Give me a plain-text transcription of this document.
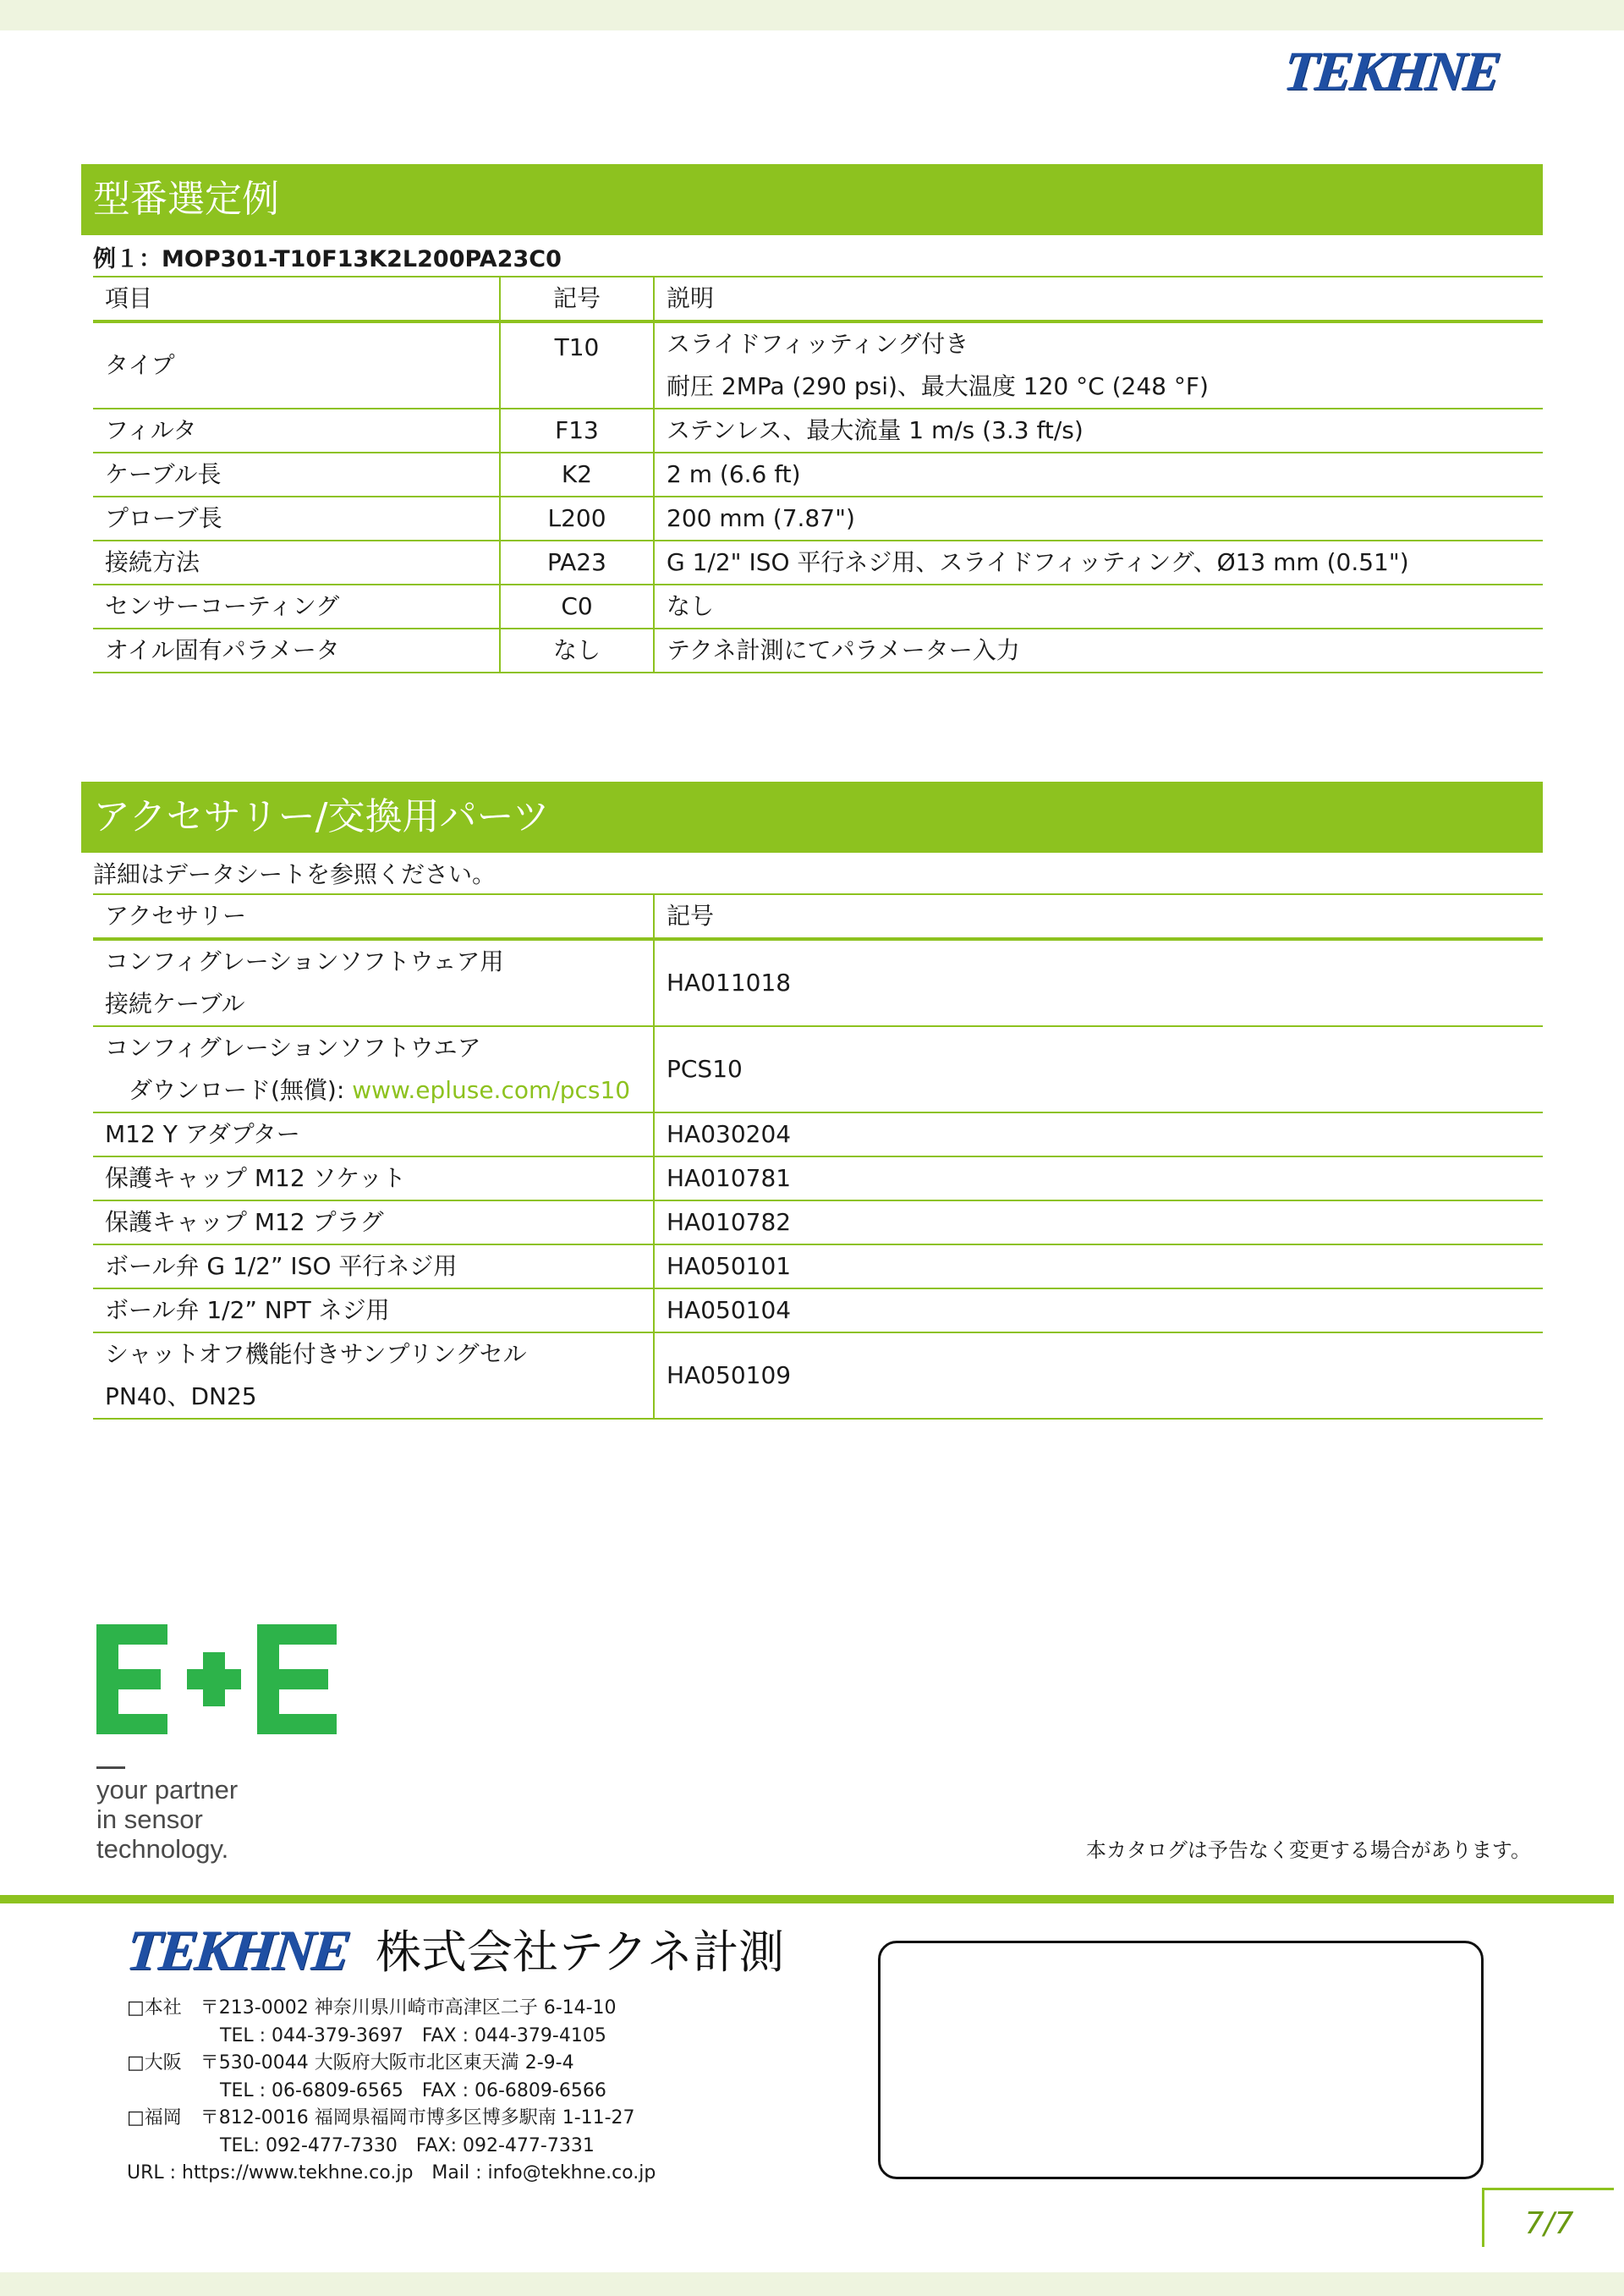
TEKHNE
型番選定例
例１：MOP301-T10F13K2L200PA23C0
項目	記号	説明
タイプ	T10	スライドフィッティング付き
耐圧 2MPa (290 psi)、最大温度 120 °C (248 °F)

フィルタ	F13	ステンレス、最大流量 1 m/s (3.3 ft/s)
ケーブル長	K2	2 m (6.6 ft)
プローブ長	L200	200 mm (7.87")
接続方法	PA23	G 1/2" ISO 平行ネジ用、スライドフィッティング、Ø13 mm (0.51")
センサーコーティング	C0	なし
オイル固有パラメータ	なし	テクネ計測にてパラメーター入力
アクセサリー/交換用パーツ
詳細はデータシートを参照ください。
アクセサリー	記号

コンフィグレーションソフトウェア用
接続ケーブル	HA011018

コンフィグレーションソフトウエア
 ダウンロード(無償): www.epluse.com/pcs10	PCS10
M12 Y アダプター	HA030204
保護キャップ M12 ソケット	HA010781
保護キャップ M12 プラグ	HA010782
ボール弁 G 1/2” ISO 平行ネジ用	HA050101
ボール弁 1/2” NPT ネジ用	HA050104

シャットオフ機能付きサンプリングセル
PN40、DN25	HA050109
your partner
in sensor
technology.	本カタログは予告なく変更する場合があります。
TEKHNE 株式会社テクネ計測
□本社　〒213-0002 神奈川県川崎市高津区二子 6-14-10
　　　　　TEL : 044-379-3697　FAX : 044-379-4105
□大阪　〒530-0044 大阪府大阪市北区東天満 2-9-4
　　　　　TEL : 06-6809-6565　FAX : 06-6809-6566
□福岡　〒812-0016 福岡県福岡市博多区博多駅南 1-11-27
　　　　　TEL: 092-477-7330　FAX: 092-477-7331
URL : https://www.tekhne.co.jp　Mail : info@tekhne.co.jp
7/7
